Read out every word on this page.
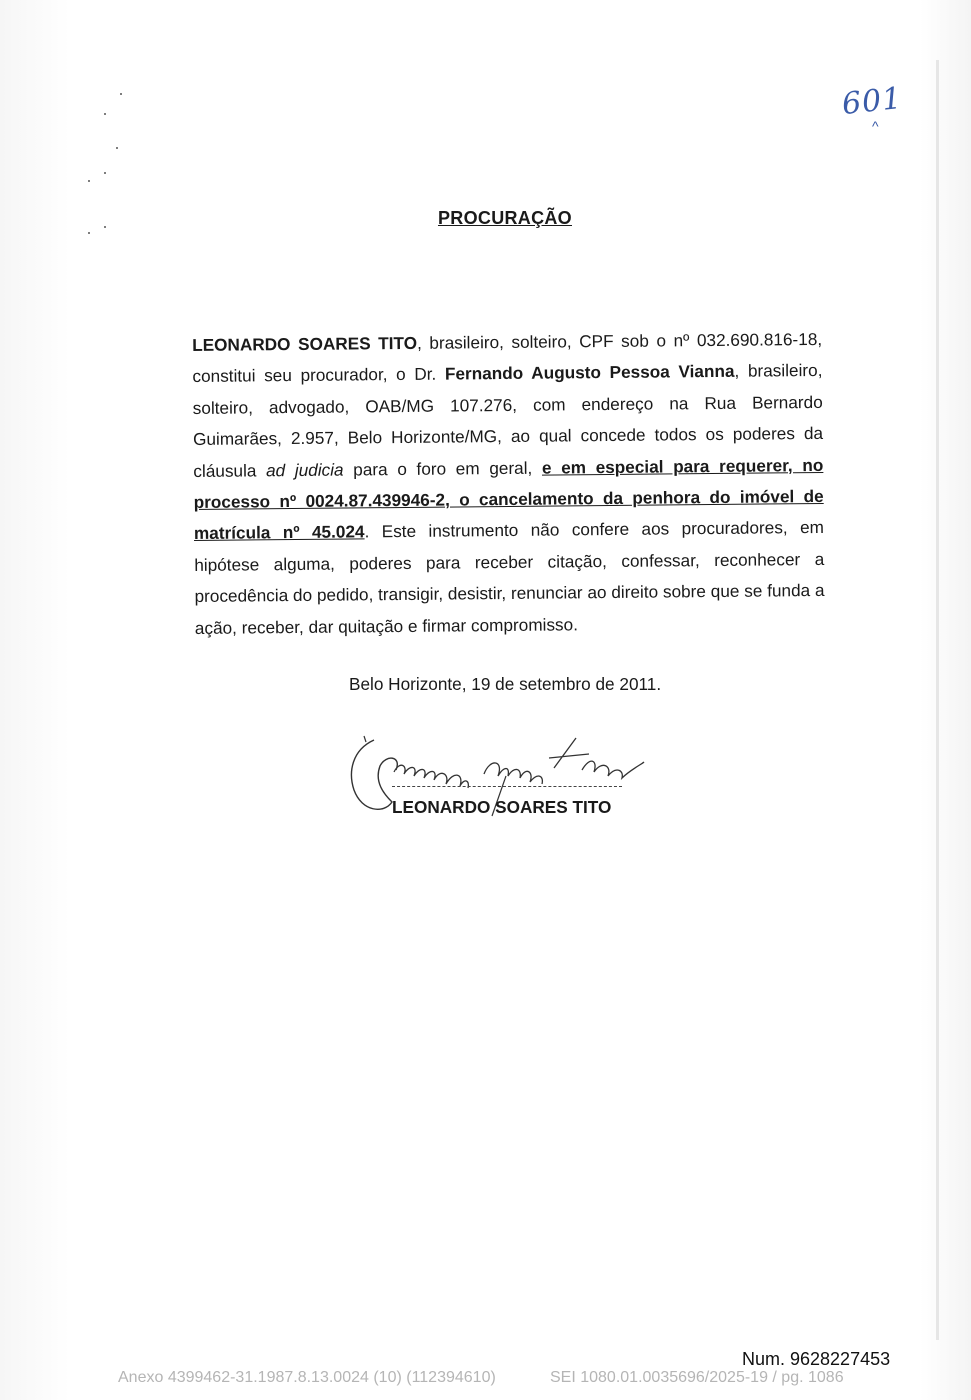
601
^
PROCURAÇÃO
LEONARDO SOARES TITO, brasileiro, solteiro, CPF sob o nº 032.690.816-18, constitui seu procurador, o Dr. Fernando Augusto Pessoa Vianna, brasileiro, solteiro, advogado, OAB/MG 107.276, com endereço na Rua Bernardo Guimarães, 2.957, Belo Horizonte/MG, ao qual concede todos os poderes da cláusula ad judicia para o foro em geral, e em especial para requerer, no processo nº 0024.87.439946-2, o cancelamento da penhora do imóvel de matrícula nº 45.024. Este instrumento não confere aos procuradores, em hipótese alguma, poderes para receber citação, confessar, reconhecer a procedência do pedido, transigir, desistir, renunciar ao direito sobre que se funda a ação, receber, dar quitação e firmar compromisso.
Belo Horizonte, 19 de setembro de 2011.
LEONARDO SOARES TITO
Num. 9628227453
Anexo 4399462-31.1987.8.13.0024 (10) (112394610)	SEI 1080.01.0035696/2025-19 / pg. 1086
